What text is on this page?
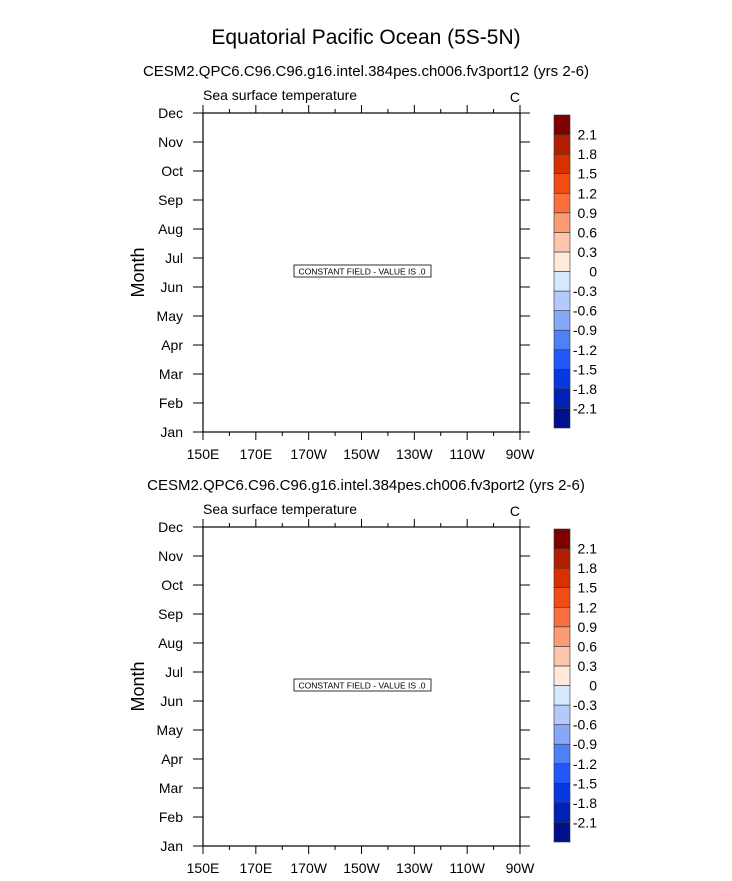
Equatorial Pacific Ocean (5S-5N)
CESM2.QPC6.C96.C96.g16.intel.384pes.ch006.fv3port12 (yrs 2-6)
Sea surface temperature	C
150E 170E 170W 150W 130W 110W 90W
Jan
Feb
Mar
Apr
May
Jun
Jul
Aug
Sep
Oct
Nov
Dec
Month	CONSTANT FIELD - VALUE IS .0
-2.1
-1.8
-1.5
-1.2
-0.9
-0.6
-0.3
0
0.3
0.6
0.9
1.2
1.5
1.8
2.1
CESM2.QPC6.C96.C96.g16.intel.384pes.ch006.fv3port2 (yrs 2-6)
Sea surface temperature	C
150E 170E 170W 150W 130W 110W 90W
Jan
Feb
Mar
Apr
May
Jun
Jul
Aug
Sep
Oct
Nov
Dec
Month	CONSTANT FIELD - VALUE IS .0
-2.1
-1.8
-1.5
-1.2
-0.9
-0.6
-0.3
0
0.3
0.6
0.9
1.2
1.5
1.8
2.1
